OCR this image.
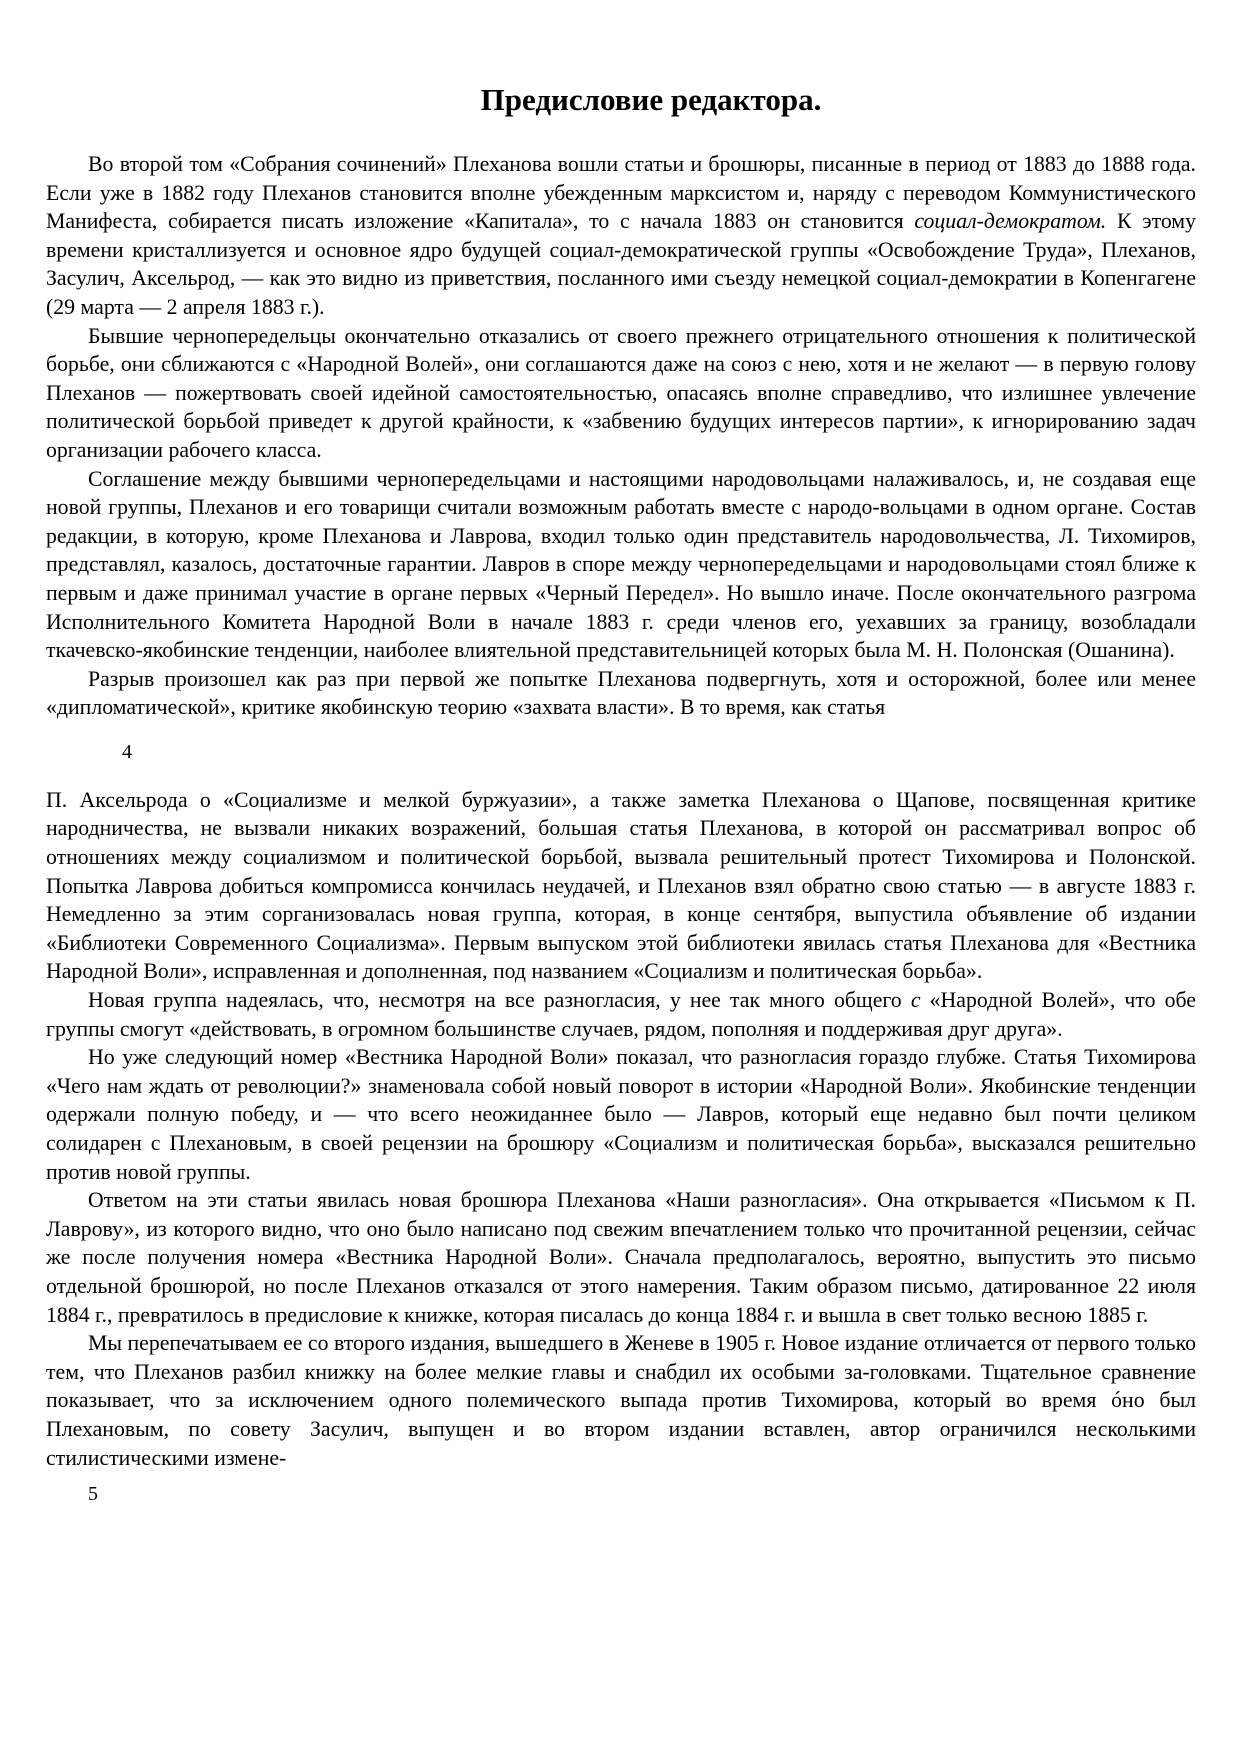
Предисловие редактора.

Во второй том «Собрания сочинений» Плеханова вошли статьи и брошюры, писанные в период от 1883 до 1888 года. Если уже в 1882 году Плеханов становится вполне убежденным марксистом и, наряду с переводом Коммунистического Манифеста, собирается писать изложение «Капитала», то с начала 1883 он становится социал-демократом. К этому времени кристаллизуется и основное ядро будущей социал-демократической группы «Освобождение Труда», Плеханов, Засулич, Аксельрод, — как это видно из приветствия, посланного ими съезду немецкой социал-демократии в Копенгагене (29 марта — 2 апреля 1883 г.).

Бывшие чернопередельцы окончательно отказались от своего прежнего отрицательного отношения к политической борьбе, они сближаются с «Народной Волей», они соглашаются даже на союз с нею, хотя и не желают — в первую голову Плеханов — пожертвовать своей идейной самостоятельностью, опасаясь вполне справедливо, что излишнее увлечение политической борьбой приведет к другой крайности, к «забвению будущих интересов партии», к игнорированию задач организации рабочего класса.

Соглашение между бывшими чернопередельцами и настоящими народовольцами налаживалось, и, не создавая еще новой группы, Плеханов и его товарищи считали возможным работать вместе с народо-вольцами в одном органе. Состав редакции, в которую, кроме Плеханова и Лаврова, входил только один представитель народовольчества, Л. Тихомиров, представлял, казалось, достаточные гарантии. Лавров в споре между чернопередельцами и народовольцами стоял ближе к первым и даже принимал участие в органе первых «Черный Передел». Но вышло иначе. После окончательного разгрома Исполнительного Комитета Народной Воли в начале 1883 г. среди членов его, уехавших за границу, возобладали ткачевско-якобинские тенденции, наиболее влиятельной представительницей которых была М. Н. Полонская (Ошанина).

Разрыв произошел как раз при первой же попытке Плеханова подвергнуть, хотя и осторожной, более или менее «дипломатической», критике якобинскую теорию «захвата власти». В то время, как статья

4

П. Аксельрода о «Социализме и мелкой буржуазии», а также заметка Плеханова о Щапове, посвященная критике народничества, не вызвали никаких возражений, большая статья Плеханова, в которой он рассматривал вопрос об отношениях между социализмом и политической борьбой, вызвала решительный протест Тихомирова и Полонской. Попытка Лаврова добиться компромисса кончилась неудачей, и Плеханов взял обратно свою статью — в августе 1883 г. Немедленно за этим сорганизовалась новая группа, которая, в конце сентября, выпустила объявление об издании «Библиотеки Современного Социализма». Первым выпуском этой библиотеки явилась статья Плеханова для «Вестника Народной Воли», исправленная и дополненная, под названием «Социализм и политическая борьба».

Новая группа надеялась, что, несмотря на все разногласия, у нее так много общего с «Народной Волей», что обе группы смогут «действовать, в огромном большинстве случаев, рядом, пополняя и поддерживая друг друга».

Но уже следующий номер «Вестника Народной Воли» показал, что разногласия гораздо глубже. Статья Тихомирова «Чего нам ждать от революции?» знаменовала собой новый поворот в истории «Народной Воли». Якобинские тенденции одержали полную победу, и — что всего неожиданнее было — Лавров, который еще недавно был почти целиком солидарен с Плехановым, в своей рецензии на брошюру «Социализм и политическая борьба», высказался решительно против новой группы.

Ответом на эти статьи явилась новая брошюра Плеханова «Наши разногласия». Она открывается «Письмом к П. Лаврову», из которого видно, что оно было написано под свежим впечатлением только что прочитанной рецензии, сейчас же после получения номера «Вестника Народной Воли». Сначала предполагалось, вероятно, выпустить это письмо отдельной брошюрой, но после Плеханов отказался от этого намерения. Таким образом письмо, датированное 22 июля 1884 г., превратилось в предисловие к книжке, которая писалась до конца 1884 г. и вышла в свет только весною 1885 г.

Мы перепечатываем ее со второго издания, вышедшего в Женеве в 1905 г. Новое издание отличается от первого только тем, что Плеханов разбил книжку на более мелкие главы и снабдил их особыми за-головками. Тщательное сравнение показывает, что за исключением одного полемического выпада против Тихомирова, который во время óно был Плехановым, по совету Засулич, выпущен и во втором издании вставлен, автор ограничился несколькими стилистическими измене-

5
